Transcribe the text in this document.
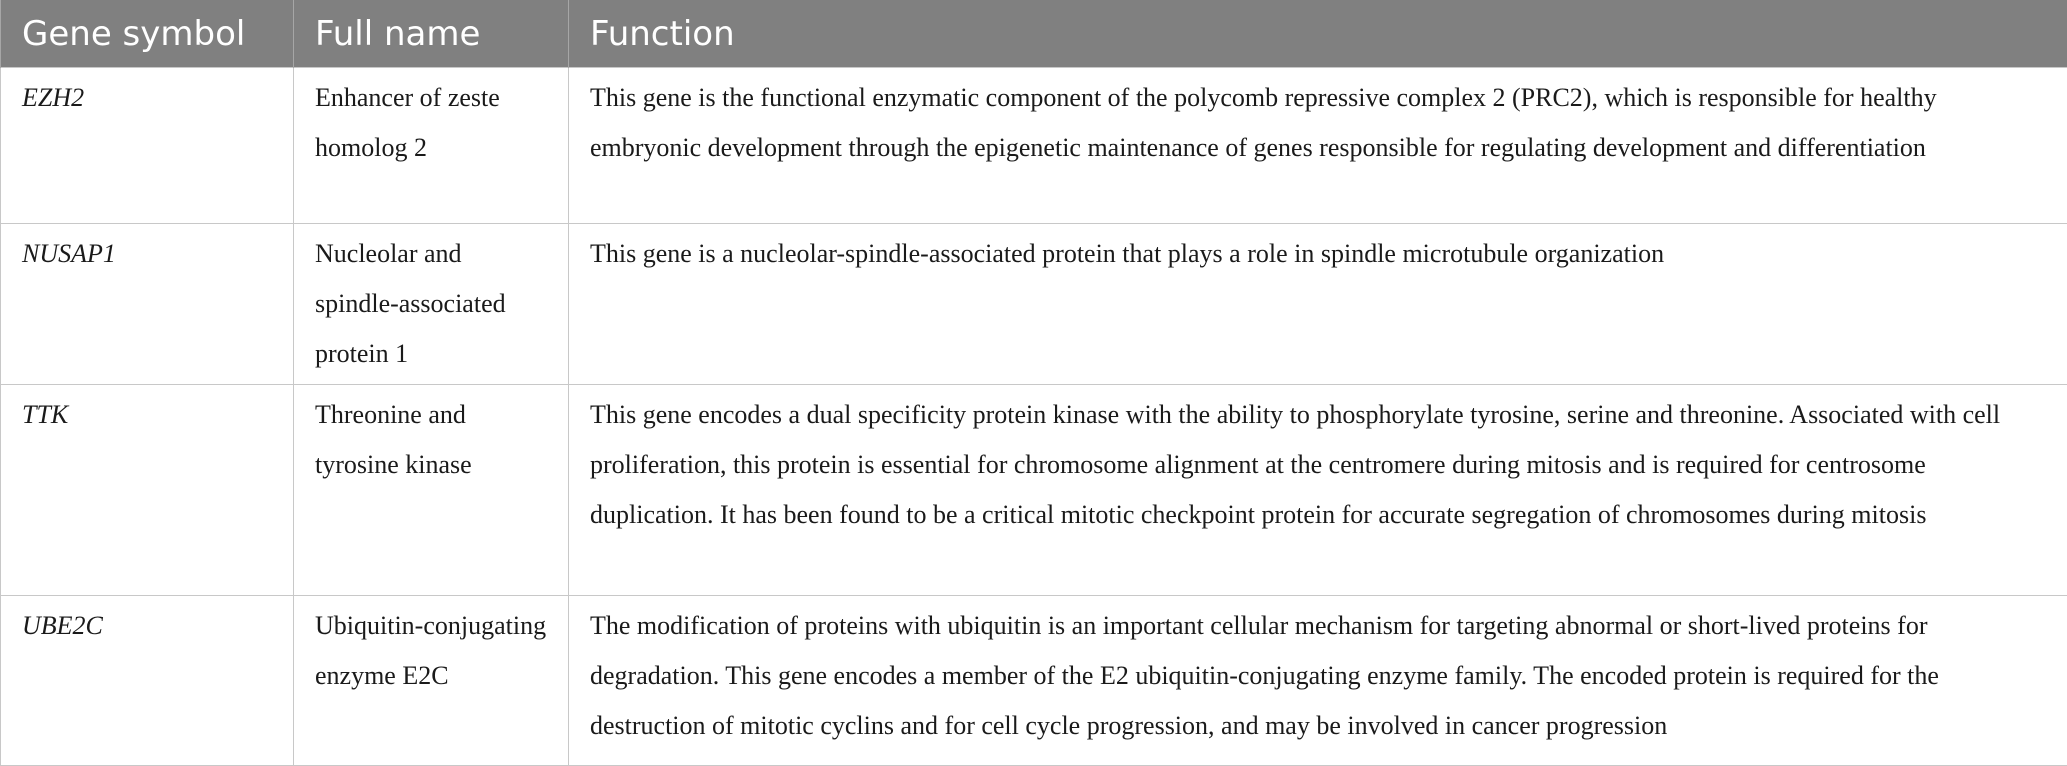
Gene symbol	Full name	Function
EZH2	Enhancer of zeste homolog 2	This gene is the functional enzymatic component of the polycomb repressive complex 2 (PRC2), which is responsible for healthy embryonic development through the epigenetic maintenance of genes responsible for regulating development and differentiation
NUSAP1	Nucleolar and spindle-associated protein 1	This gene is a nucleolar-spindle-associated protein that plays a role in spindle microtubule organization
TTK	Threonine and tyrosine kinase	This gene encodes a dual specificity protein kinase with the ability to phosphorylate tyrosine, serine and threonine. Associated with cell proliferation, this protein is essential for chromosome alignment at the centromere during mitosis and is required for centrosome duplication. It has been found to be a critical mitotic checkpoint protein for accurate segregation of chromosomes during mitosis
UBE2C	Ubiquitin-conjugating enzyme E2C	The modification of proteins with ubiquitin is an important cellular mechanism for targeting abnormal or short-lived proteins for degradation. This gene encodes a member of the E2 ubiquitin-conjugating enzyme family. The encoded protein is required for the destruction of mitotic cyclins and for cell cycle progression, and may be involved in cancer progression
